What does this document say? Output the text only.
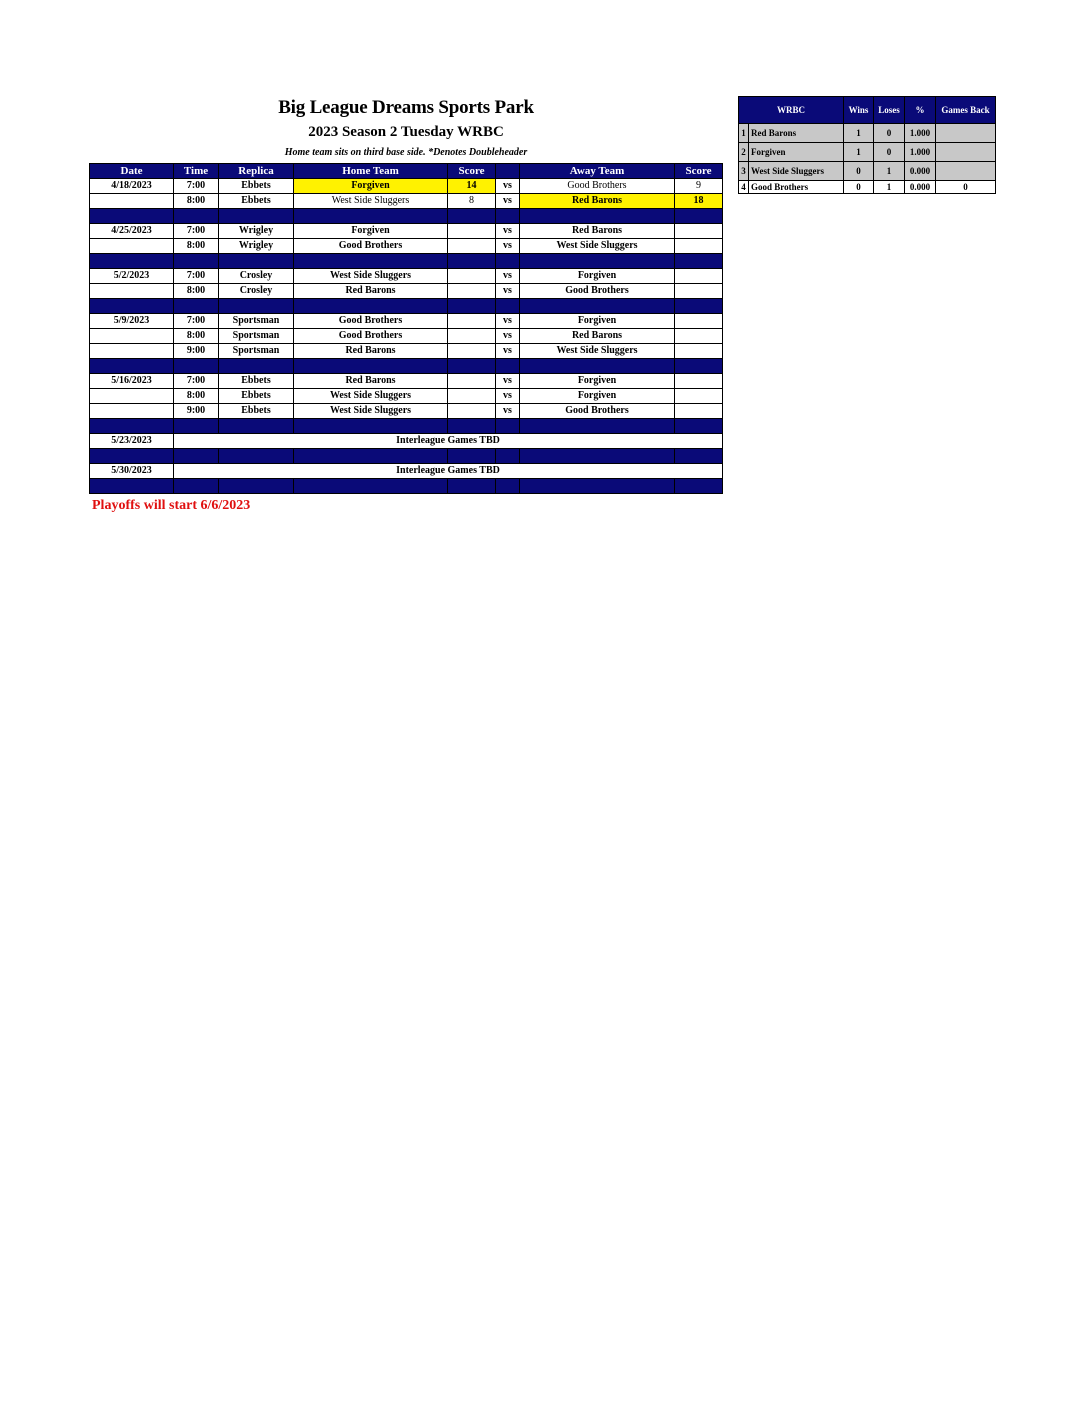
Big League Dreams Sports Park
2023 Season 2 Tuesday WRBC
Home team sits on third base side. *Denotes Doubleheader
Date	Time	Replica	Home Team	Score		Away Team	Score
4/18/2023	7:00	Ebbets	Forgiven	14	vs	Good Brothers	9
	8:00	Ebbets	West Side Sluggers	8	vs	Red Barons	18

4/25/2023	7:00	Wrigley	Forgiven		vs	Red Barons	
	8:00	Wrigley	Good Brothers		vs	West Side Sluggers	

5/2/2023	7:00	Crosley	West Side Sluggers		vs	Forgiven	
	8:00	Crosley	Red Barons		vs	Good Brothers	

5/9/2023	7:00	Sportsman	Good Brothers		vs	Forgiven	
	8:00	Sportsman	Good Brothers		vs	Red Barons	
	9:00	Sportsman	Red Barons		vs	West Side Sluggers	

5/16/2023	7:00	Ebbets	Red Barons		vs	Forgiven	
	8:00	Ebbets	West Side Sluggers		vs	Forgiven	
	9:00	Ebbets	West Side Sluggers		vs	Good Brothers	

5/23/2023	Interleague Games TBD						

5/30/2023	Interleague Games TBD						

WRBC		Wins	Loses	%	Games Back
1	Red Barons	1	0	1.000	
2	Forgiven	1	0	1.000	
3	West Side Sluggers	0	1	0.000	
4	Good Brothers	0	1	0.000	0
Playoffs will start 6/6/2023
